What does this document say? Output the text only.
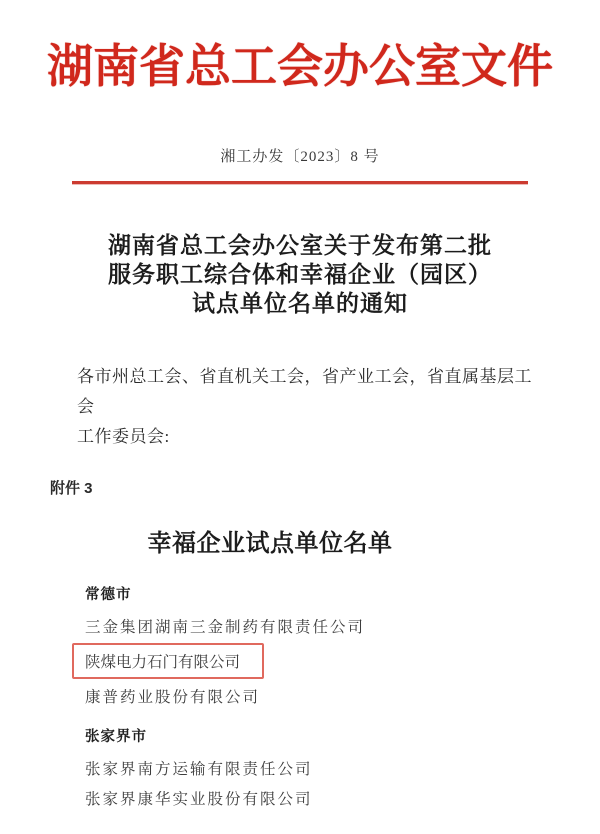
湖南省总工会办公室文件
湘工办发〔2023〕8 号
湖南省总工会办公室关于发布第二批
服务职工综合体和幸福企业（园区）
试点单位名单的通知
各市州总工会、省直机关工会，省产业工会，省直属基层工会
工作委员会:
附件 3
幸福企业试点单位名单
常德市
三金集团湖南三金制药有限责任公司
陕煤电力石门有限公司
康普药业股份有限公司
张家界市
张家界南方运输有限责任公司
张家界康华实业股份有限公司
